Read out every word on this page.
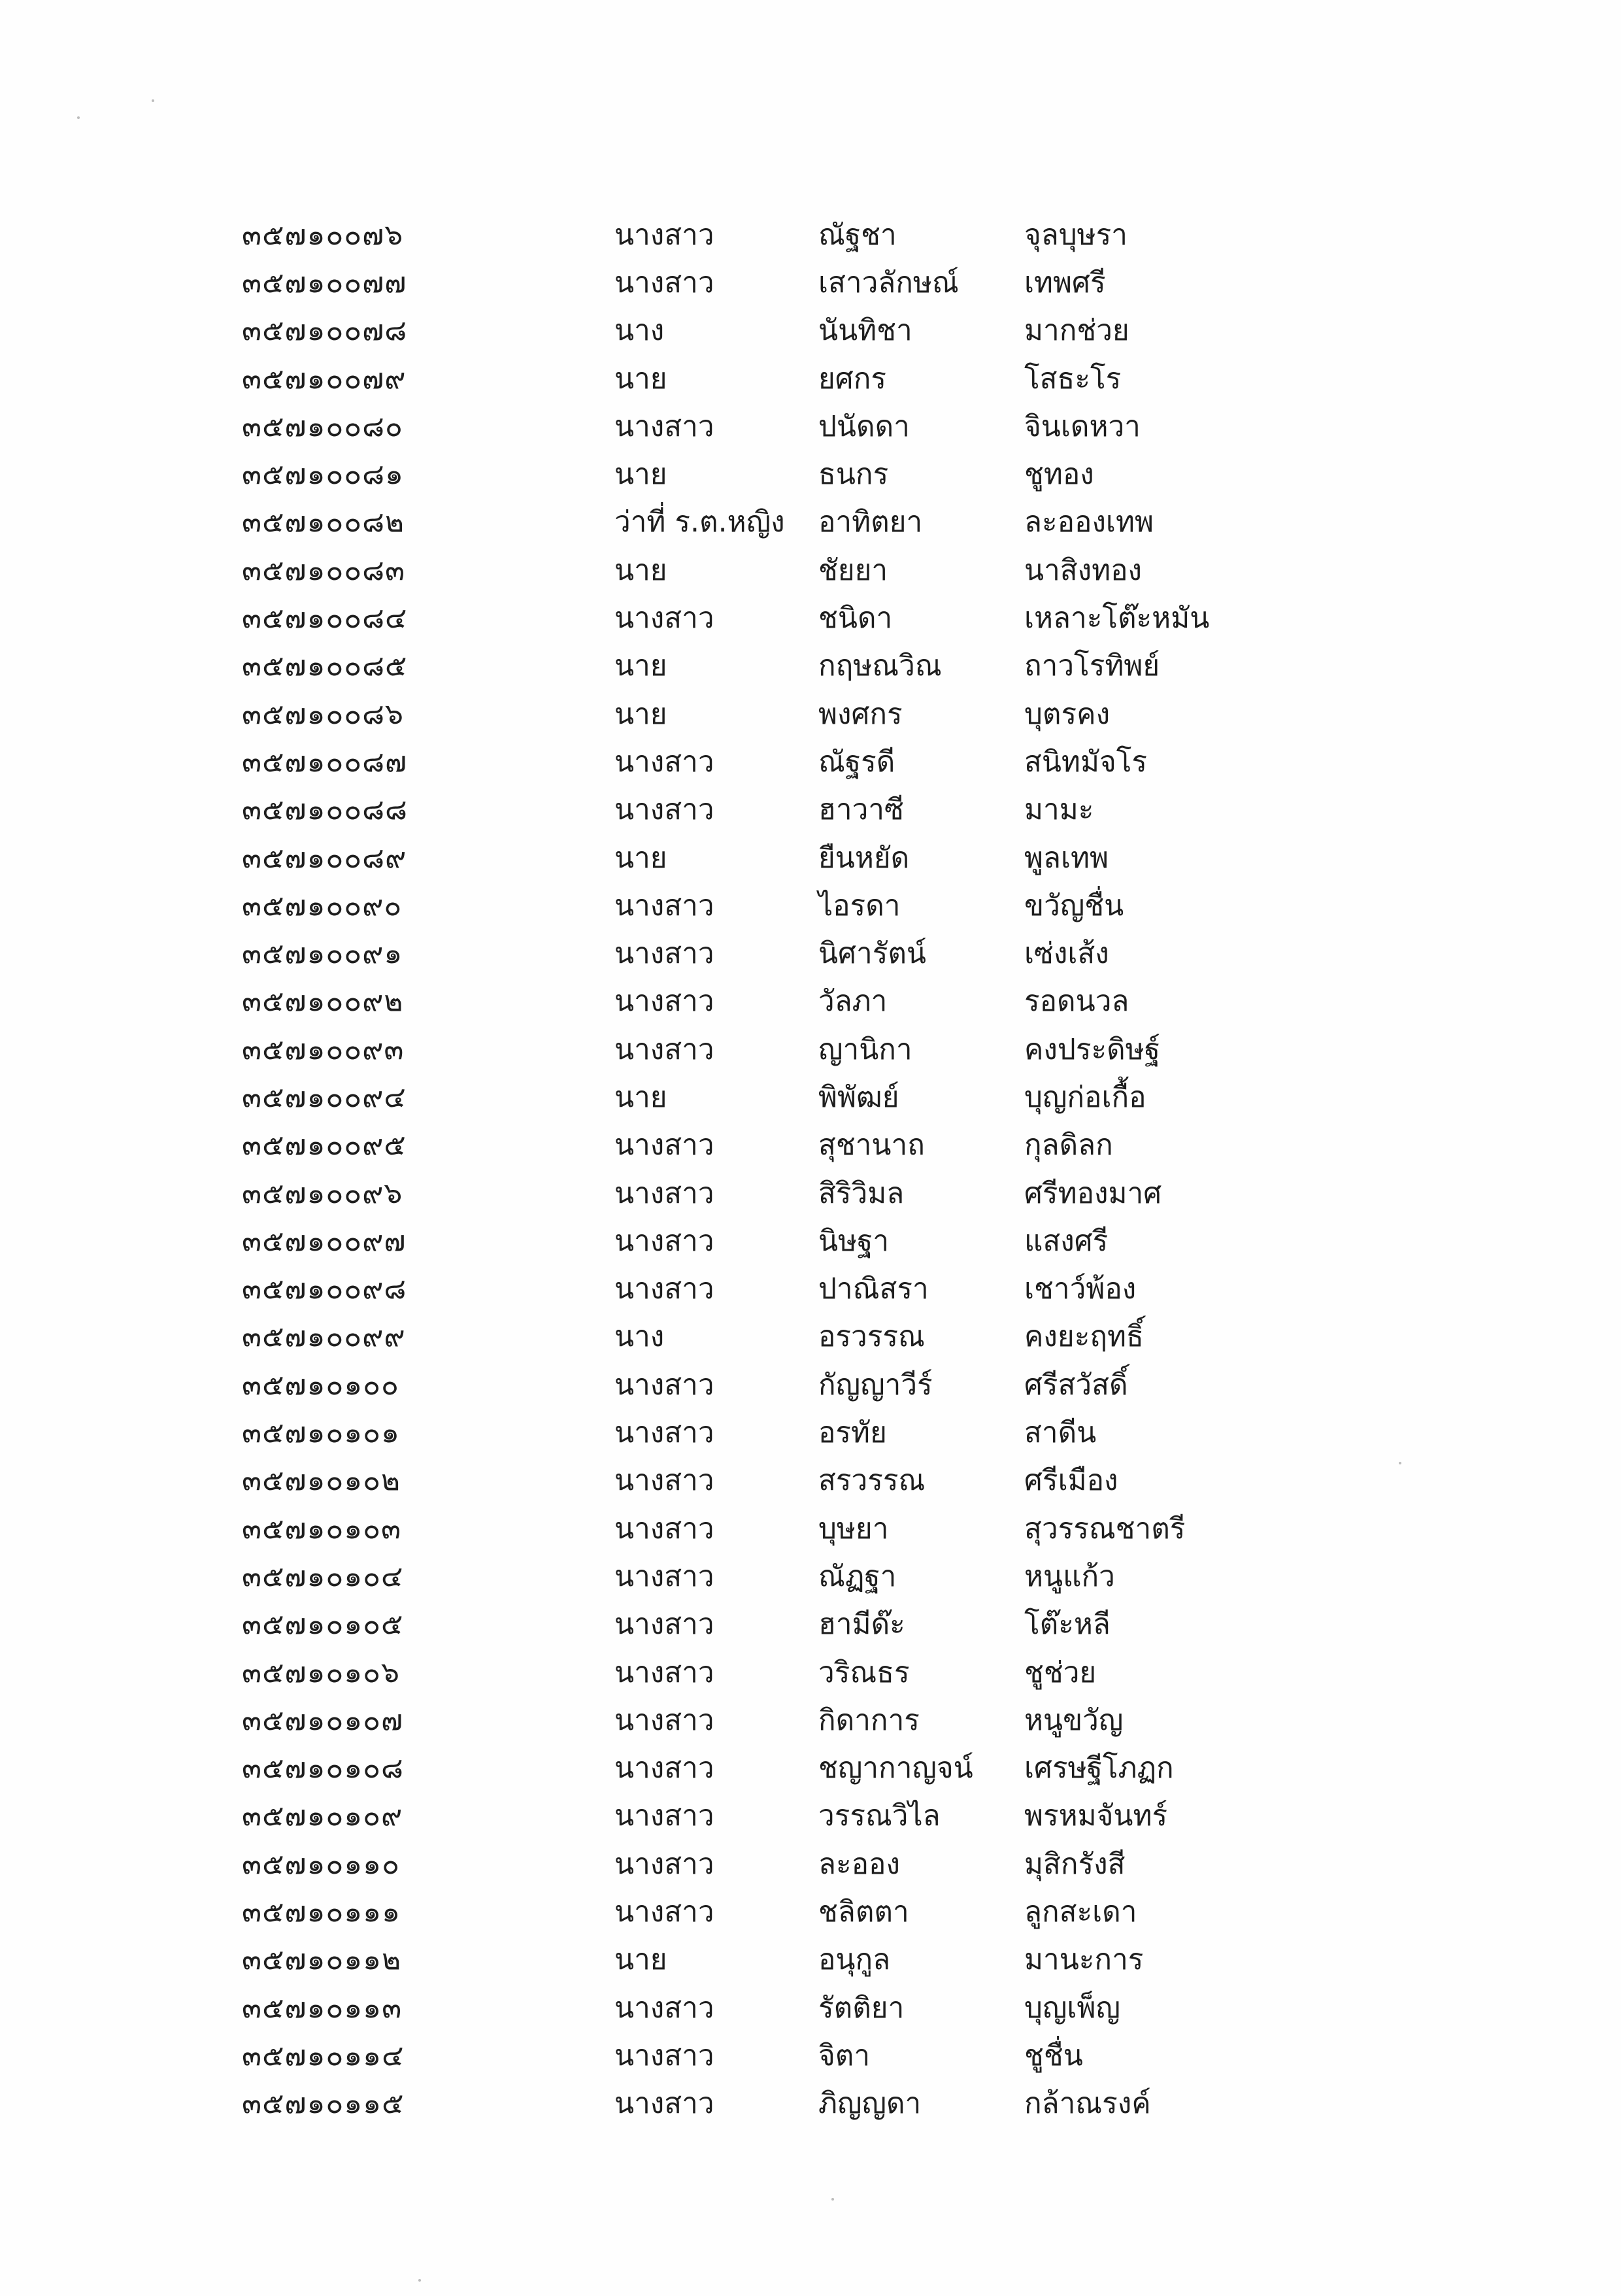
๓๕๗๑๐๐๗๖	นางสาว	ณัฐชา	จุลบุษรา
๓๕๗๑๐๐๗๗	นางสาว	เสาวลักษณ์	เทพศรี
๓๕๗๑๐๐๗๘	นาง	นันทิชา	มากช่วย
๓๕๗๑๐๐๗๙	นาย	ยศกร	โสธะโร
๓๕๗๑๐๐๘๐	นางสาว	ปนัดดา	จินเดหวา
๓๕๗๑๐๐๘๑	นาย	ธนกร	ชูทอง
๓๕๗๑๐๐๘๒	ว่าที่ ร.ต.หญิง	อาทิตยา	ละอองเทพ
๓๕๗๑๐๐๘๓	นาย	ชัยยา	นาสิงทอง
๓๕๗๑๐๐๘๔	นางสาว	ชนิดา	เหลาะโต๊ะหมัน
๓๕๗๑๐๐๘๕	นาย	กฤษณวิณ	ถาวโรทิพย์
๓๕๗๑๐๐๘๖	นาย	พงศกร	บุตรคง
๓๕๗๑๐๐๘๗	นางสาว	ณัฐรดี	สนิทมัจโร
๓๕๗๑๐๐๘๘	นางสาว	ฮาวาซี	มามะ
๓๕๗๑๐๐๘๙	นาย	ยืนหยัด	พูลเทพ
๓๕๗๑๐๐๙๐	นางสาว	ไอรดา	ขวัญชื่น
๓๕๗๑๐๐๙๑	นางสาว	นิศารัตน์	เซ่งเส้ง
๓๕๗๑๐๐๙๒	นางสาว	วัลภา	รอดนวล
๓๕๗๑๐๐๙๓	นางสาว	ญานิกา	คงประดิษฐ์
๓๕๗๑๐๐๙๔	นาย	พิพัฒย์	บุญก่อเกื้อ
๓๕๗๑๐๐๙๕	นางสาว	สุชานาถ	กุลดิลก
๓๕๗๑๐๐๙๖	นางสาว	สิริวิมล	ศรีทองมาศ
๓๕๗๑๐๐๙๗	นางสาว	นิษฐา	แสงศรี
๓๕๗๑๐๐๙๘	นางสาว	ปาณิสรา	เชาว์พ้อง
๓๕๗๑๐๐๙๙	นาง	อรวรรณ	คงยะฤทธิ์
๓๕๗๑๐๑๐๐	นางสาว	กัญญาวีร์	ศรีสวัสดิ์
๓๕๗๑๐๑๐๑	นางสาว	อรทัย	สาดีน
๓๕๗๑๐๑๐๒	นางสาว	สรวรรณ	ศรีเมือง
๓๕๗๑๐๑๐๓	นางสาว	บุษยา	สุวรรณชาตรี
๓๕๗๑๐๑๐๔	นางสาว	ณัฏฐา	หนูแก้ว
๓๕๗๑๐๑๐๕	นางสาว	ฮามีด๊ะ	โต๊ะหลี
๓๕๗๑๐๑๐๖	นางสาว	วริณธร	ชูช่วย
๓๕๗๑๐๑๐๗	นางสาว	กิดาการ	หนูขวัญ
๓๕๗๑๐๑๐๘	นางสาว	ชญากาญจน์	เศรษฐีโภฏก
๓๕๗๑๐๑๐๙	นางสาว	วรรณวิไล	พรหมจันทร์
๓๕๗๑๐๑๑๐	นางสาว	ละออง	มุสิกรังสี
๓๕๗๑๐๑๑๑	นางสาว	ชลิตตา	ลูกสะเดา
๓๕๗๑๐๑๑๒	นาย	อนุกูล	มานะการ
๓๕๗๑๐๑๑๓	นางสาว	รัตติยา	บุญเพ็ญ
๓๕๗๑๐๑๑๔	นางสาว	จิตา	ชูชื่น
๓๕๗๑๐๑๑๕	นางสาว	ภิญญดา	กล้าณรงค์
